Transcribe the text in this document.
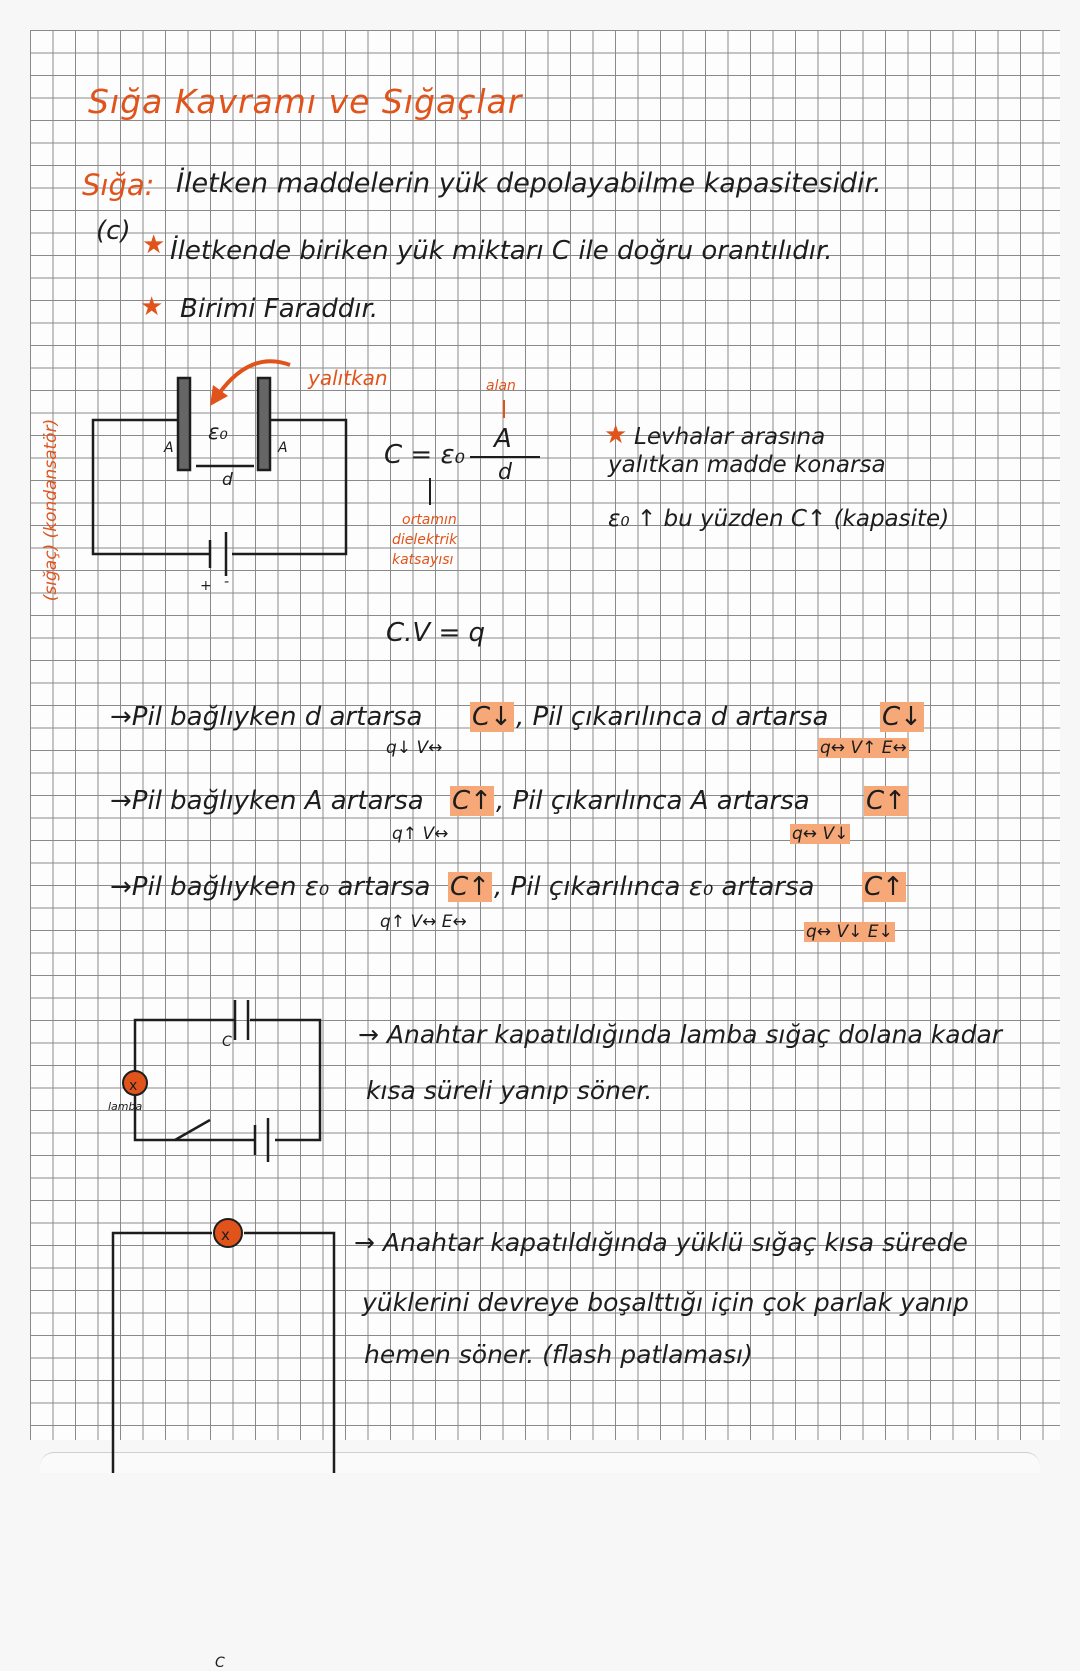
Sığa Kavramı ve Sığaçlar
Sığa: İletken maddelerin yük depolayabilme kapasitesidir.
(c) ★ İletkende biriken yük miktarı C ile doğru orantılıdır.
★ Birimi Faraddır.
(sığaç) (kondansatör)
x
x
yalıtkan
ε₀
A	A
d
+ -
alan
C = ε₀
A
d
ortamın
dielektrik
katsayısı
C.V = q
★ Levhalar arasına
yalıtkan madde konarsa
ε₀ ↑ bu yüzden C↑ (kapasite)
→Pil bağlıyken d artarsa C↓ , Pil çıkarılınca d artarsa C↓
q↓ V↔	q↔ V↑ E↔
→Pil bağlıyken A artarsa C↑ , Pil çıkarılınca A artarsa C↑
q↑ V↔	q↔ V↓
→Pil bağlıyken ε₀ artarsa C↑ , Pil çıkarılınca ε₀ artarsa C↑
q↑ V↔ E↔	q↔ V↓ E↓
lamba
C	→ Anahtar kapatıldığında lamba sığaç dolana kadar
kısa süreli yanıp söner.
C
→ Anahtar kapatıldığında yüklü sığaç kısa sürede
yüklerini devreye boşalttığı için çok parlak yanıp
hemen söner. (flash patlaması)
